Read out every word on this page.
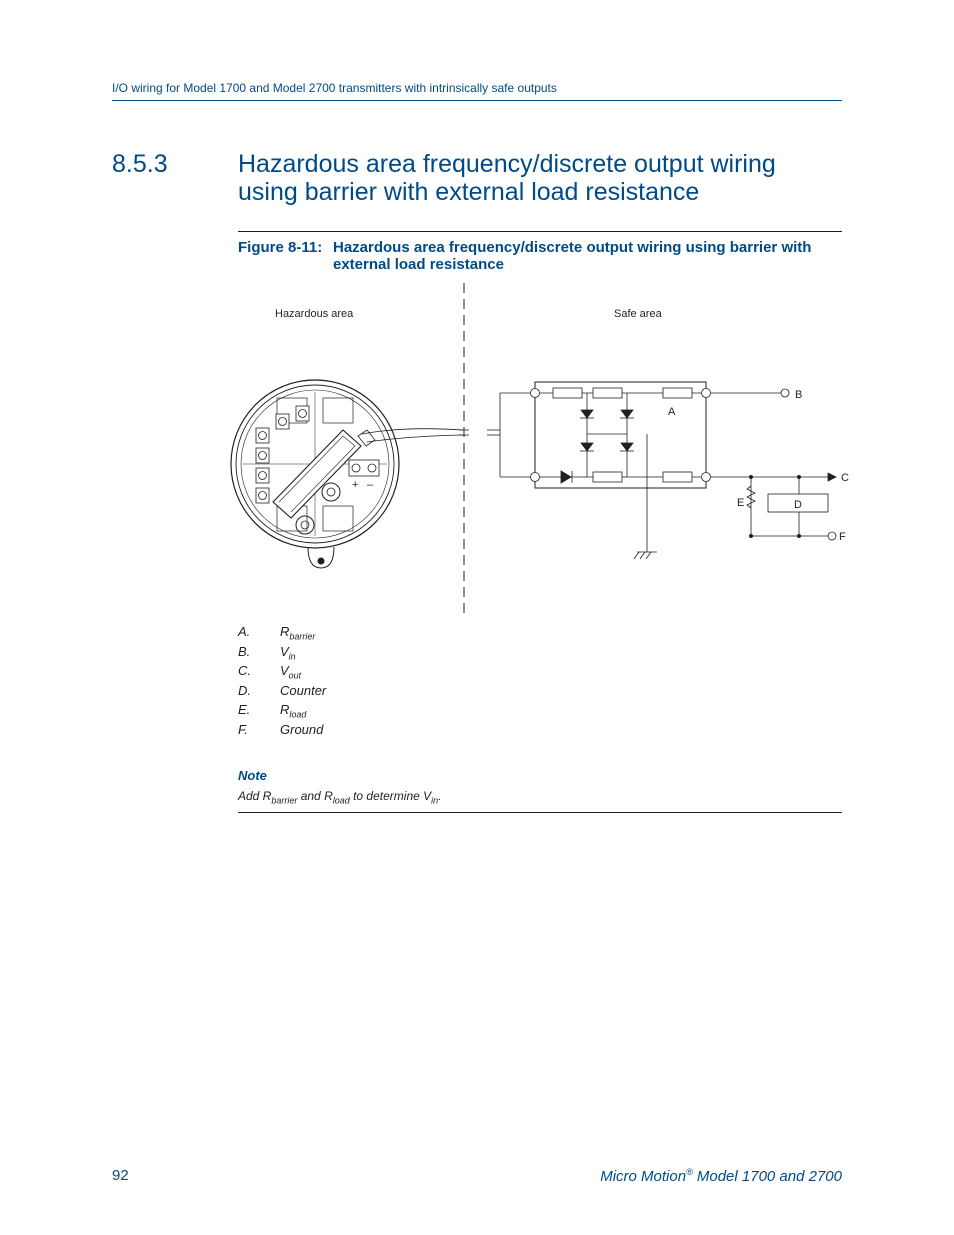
I/O wiring for Model 1700 and Model 2700 transmitters with intrinsically safe outputs
8.5.3	Hazardous area frequency/discrete output wiring using barrier with external load resistance
Figure 8-11: Hazardous area frequency/discrete output wiring using barrier with external load resistance
Hazardous area	Safe area
+ –
A
B
C
D
E
F
A. $R_{barrier}$
B. $V_{in}$
C. $V_{out}$
D. Counter
E. $R_{load}$
F. Ground
Note
Add $R_{barrier}$ and $R_{load}$ to determine $V_{in}$.
92	Micro Motion® Model 1700 and 2700
